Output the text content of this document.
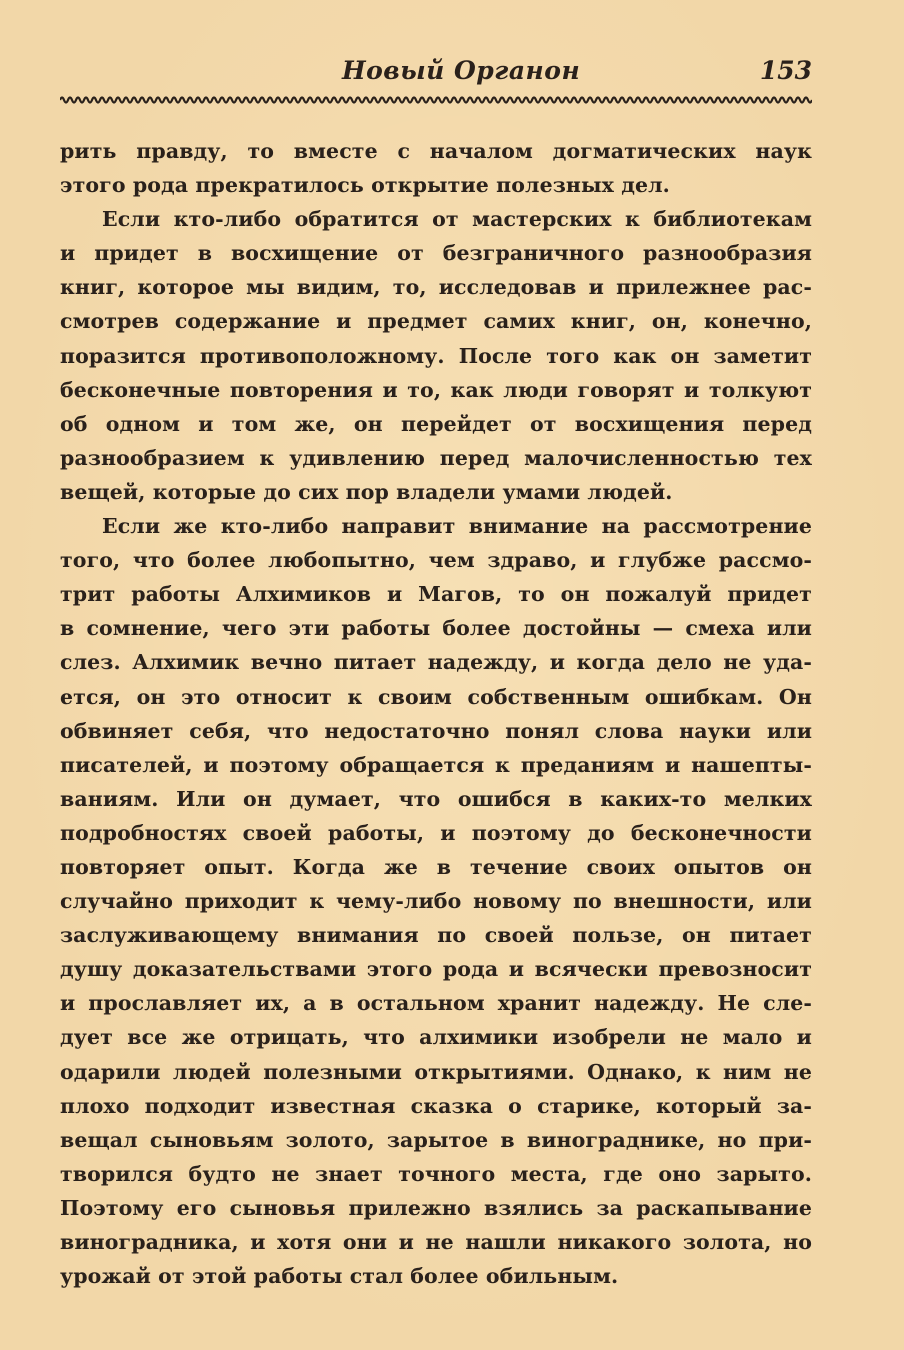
Новый Органон	153
рить правду, то вместе с началом догматических наук
этого рода прекратилось открытие полезных дел.
Если кто-либо обратится от мастерских к библиотекам
и придет в восхищение от безграничного разнообразия
книг, которое мы видим, то, исследовав и прилежнее рас-
смотрев содержание и предмет самих книг, он, конечно,
поразится противоположному. После того как он заметит
бесконечные повторения и то, как люди говорят и толкуют
об одном и том же, он перейдет от восхищения перед
разнообразием к удивлению перед малочисленностью тех
вещей, которые до сих пор владели умами людей.
Если же кто-либо направит внимание на рассмотрение
того, что более любопытно, чем здраво, и глубже рассмо-
трит работы Алхимиков и Магов, то он пожалуй придет
в сомнение, чего эти работы более достойны — смеха или
слез. Алхимик вечно питает надежду, и когда дело не уда-
ется, он это относит к своим собственным ошибкам. Он
обвиняет себя, что недостаточно понял слова науки или
писателей, и поэтому обращается к преданиям и нашепты-
ваниям. Или он думает, что ошибся в каких-то мелких
подробностях своей работы, и поэтому до бесконечности
повторяет опыт. Когда же в течение своих опытов он
случайно приходит к чему-либо новому по внешности, или
заслуживающему внимания по своей пользе, он питает
душу доказательствами этого рода и всячески превозносит
и прославляет их, а в остальном хранит надежду. Не сле-
дует все же отрицать, что алхимики изобрели не мало и
одарили людей полезными открытиями. Однако, к ним не
плохо подходит известная сказка о старике, который за-
вещал сыновьям золото, зарытое в винограднике, но при-
творился будто не знает точного места, где оно зарыто.
Поэтому его сыновья прилежно взялись за раскапывание
виноградника, и хотя они и не нашли никакого золота, но
урожай от этой работы стал более обильным.
